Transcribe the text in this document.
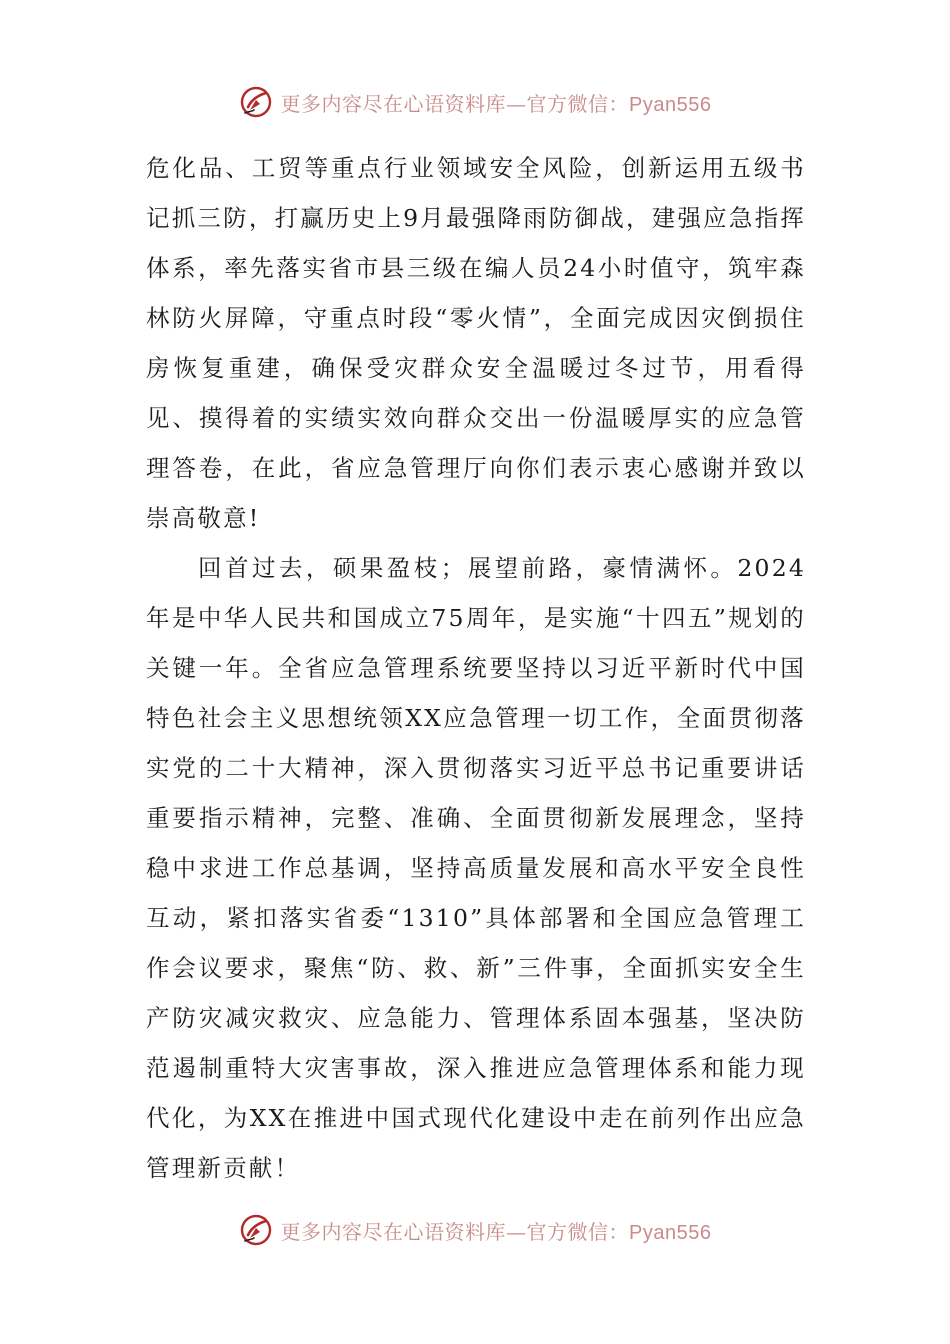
更多内容尽在心语资料库—官方微信：Pyan556

危化品、工贸等重点行业领域安全风险，创新运用五级书记抓三防，打赢历史上9月最强降雨防御战，建强应急指挥体系，率先落实省市县三级在编人员24小时值守，筑牢森林防火屏障，守重点时段“零火情”，全面完成因灾倒损住房恢复重建，确保受灾群众安全温暖过冬过节，用看得见、摸得着的实绩实效向群众交出一份温暖厚实的应急管理答卷，在此，省应急管理厅向你们表示衷心感谢并致以崇高敬意!

回首过去，硕果盈枝；展望前路，豪情满怀。2024年是中华人民共和国成立75周年，是实施“十四五”规划的关键一年。全省应急管理系统要坚持以习近平新时代中国特色社会主义思想统领XX应急管理一切工作，全面贯彻落实党的二十大精神，深入贯彻落实习近平总书记重要讲话重要指示精神，完整、准确、全面贯彻新发展理念，坚持稳中求进工作总基调，坚持高质量发展和高水平安全良性互动，紧扣落实省委“1310”具体部署和全国应急管理工作会议要求，聚焦“防、救、新”三件事，全面抓实安全生产防灾减灾救灾、应急能力、管理体系固本强基，坚决防范遏制重特大灾害事故，深入推进应急管理体系和能力现代化，为XX在推进中国式现代化建设中走在前列作出应急管理新贡献！

更多内容尽在心语资料库—官方微信：Pyan556
